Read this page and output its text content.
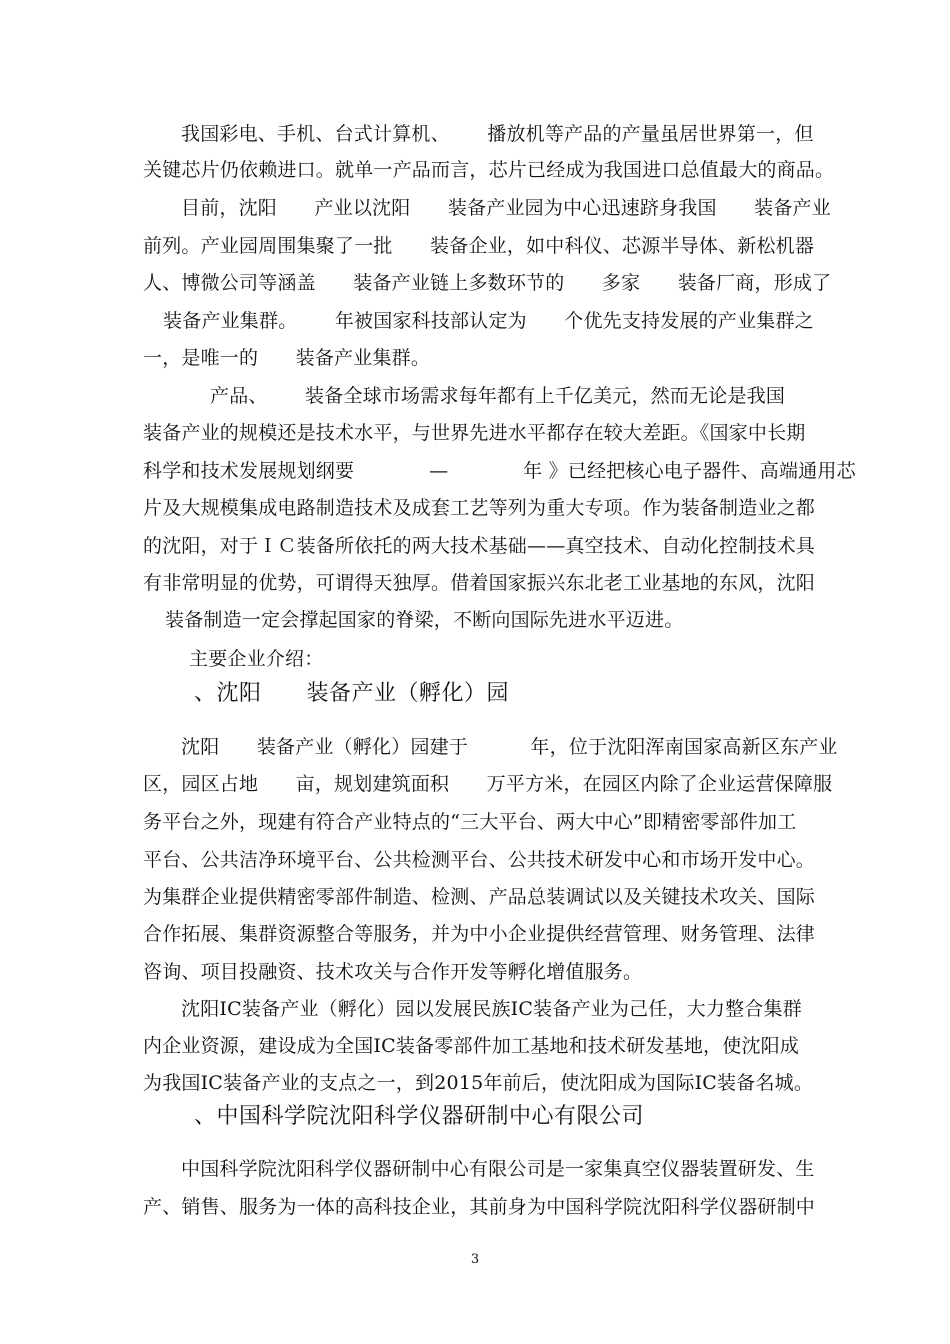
我国彩电、手机、台式计算机、      播放机等产品的产量虽居世界第一，但
关键芯片仍依赖进口。就单一产品而言，芯片已经成为我国进口总值最大的商品。
目前，沈阳      产业以沈阳      装备产业园为中心迅速跻身我国      装备产业
前列。产业园周围集聚了一批      装备企业，如中科仪、芯源半导体、新松机器
人、博微公司等涵盖      装备产业链上多数环节的      多家      装备厂商，形成了
装备产业集群。      年被国家科技部认定为      个优先支持发展的产业集群之
一，是唯一的      装备产业集群。
产品、      装备全球市场需求每年都有上千亿美元，然而无论是我国
装备产业的规模还是技术水平，与世界先进水平都存在较大差距。《国家中长期
科学和技术发展规划纲要            —            年 》已经把核心电子器件、高端通用芯
片及大规模集成电路制造技术及成套工艺等列为重大专项。作为装备制造业之都
的沈阳，对于ＩＣ装备所依托的两大技术基础——真空技术、自动化控制技术具
有非常明显的优势，可谓得天独厚。借着国家振兴东北老工业基地的东风，沈阳
装备制造一定会撑起国家的脊梁，不断向国际先进水平迈进。
主要企业介绍：
、沈阳      装备产业（孵化）园
沈阳      装备产业（孵化）园建于          年，位于沈阳浑南国家高新区东产业
区，园区占地      亩，规划建筑面积      万平方米，在园区内除了企业运营保障服
务平台之外，现建有符合产业特点的“三大平台、两大中心”即精密零部件加工
平台、公共洁净环境平台、公共检测平台、公共技术研发中心和市场开发中心。
为集群企业提供精密零部件制造、检测、产品总装调试以及关键技术攻关、国际
合作拓展、集群资源整合等服务，并为中小企业提供经营管理、财务管理、法律
咨询、项目投融资、技术攻关与合作开发等孵化增值服务。
沈阳IC装备产业（孵化）园以发展民族IC装备产业为己任，大力整合集群
内企业资源，建设成为全国IC装备零部件加工基地和技术研发基地，使沈阳成
为我国IC装备产业的支点之一，到2015年前后，使沈阳成为国际IC装备名城。
、中国科学院沈阳科学仪器研制中心有限公司
中国科学院沈阳科学仪器研制中心有限公司是一家集真空仪器装置研发、生
产、销售、服务为一体的高科技企业，其前身为中国科学院沈阳科学仪器研制中
3
